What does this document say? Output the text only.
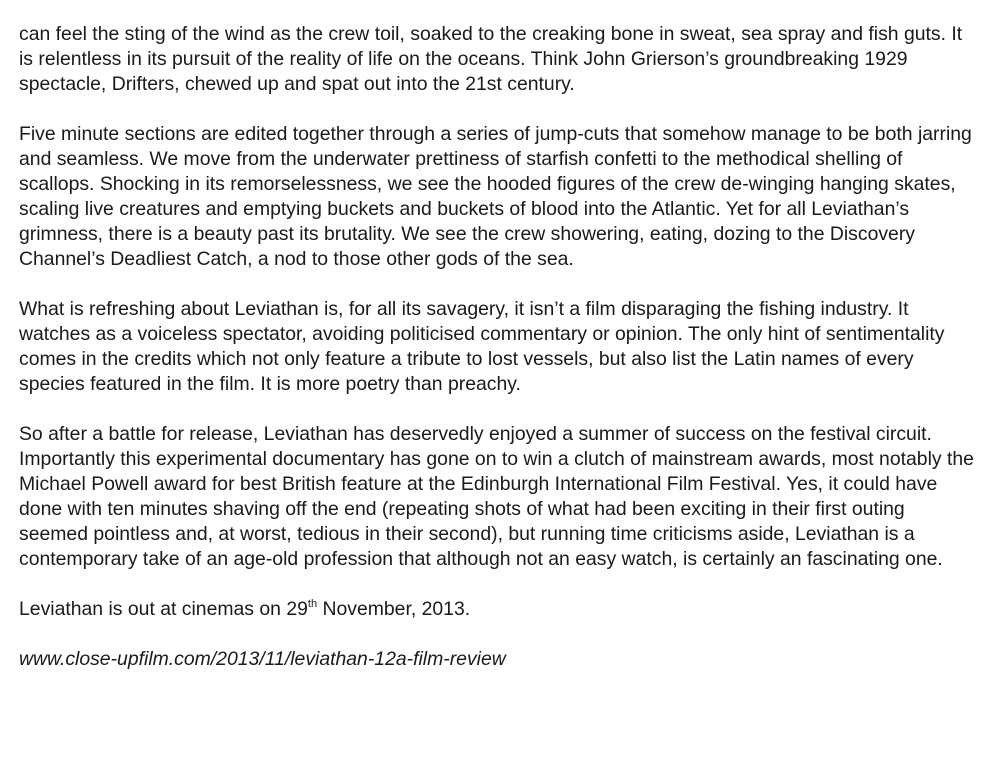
can feel the sting of the wind as the crew toil, soaked to the creaking bone in sweat, sea spray and fish guts. It is relentless in its pursuit of the reality of life on the oceans. Think John Grierson’s groundbreaking 1929 spectacle, Drifters, chewed up and spat out into the 21st century.

Five minute sections are edited together through a series of jump-cuts that somehow manage to be both jarring and seamless. We move from the underwater prettiness of starfish confetti to the methodical shelling of scallops. Shocking in its remorselessness, we see the hooded figures of the crew de-winging hanging skates, scaling live creatures and emptying buckets and buckets of blood into the Atlantic. Yet for all Leviathan’s grimness, there is a beauty past its brutality. We see the crew showering, eating, dozing to the Discovery Channel’s Deadliest Catch, a nod to those other gods of the sea.

What is refreshing about Leviathan is, for all its savagery, it isn’t a film disparaging the fishing industry. It watches as a voiceless spectator, avoiding politicised commentary or opinion. The only hint of sentimentality comes in the credits which not only feature a tribute to lost vessels, but also list the Latin names of every species featured in the film. It is more poetry than preachy.

So after a battle for release, Leviathan has deservedly enjoyed a summer of success on the festival circuit. Importantly this experimental documentary has gone on to win a clutch of mainstream awards, most notably the Michael Powell award for best British feature at the Edinburgh International Film Festival. Yes, it could have done with ten minutes shaving off the end (repeating shots of what had been exciting in their first outing seemed pointless and, at worst, tedious in their second), but running time criticisms aside, Leviathan is a contemporary take of an age-old profession that although not an easy watch, is certainly an fascinating one.

Leviathan is out at cinemas on 29th November, 2013.

www.close-upfilm.com/2013/11/leviathan-12a-film-review
